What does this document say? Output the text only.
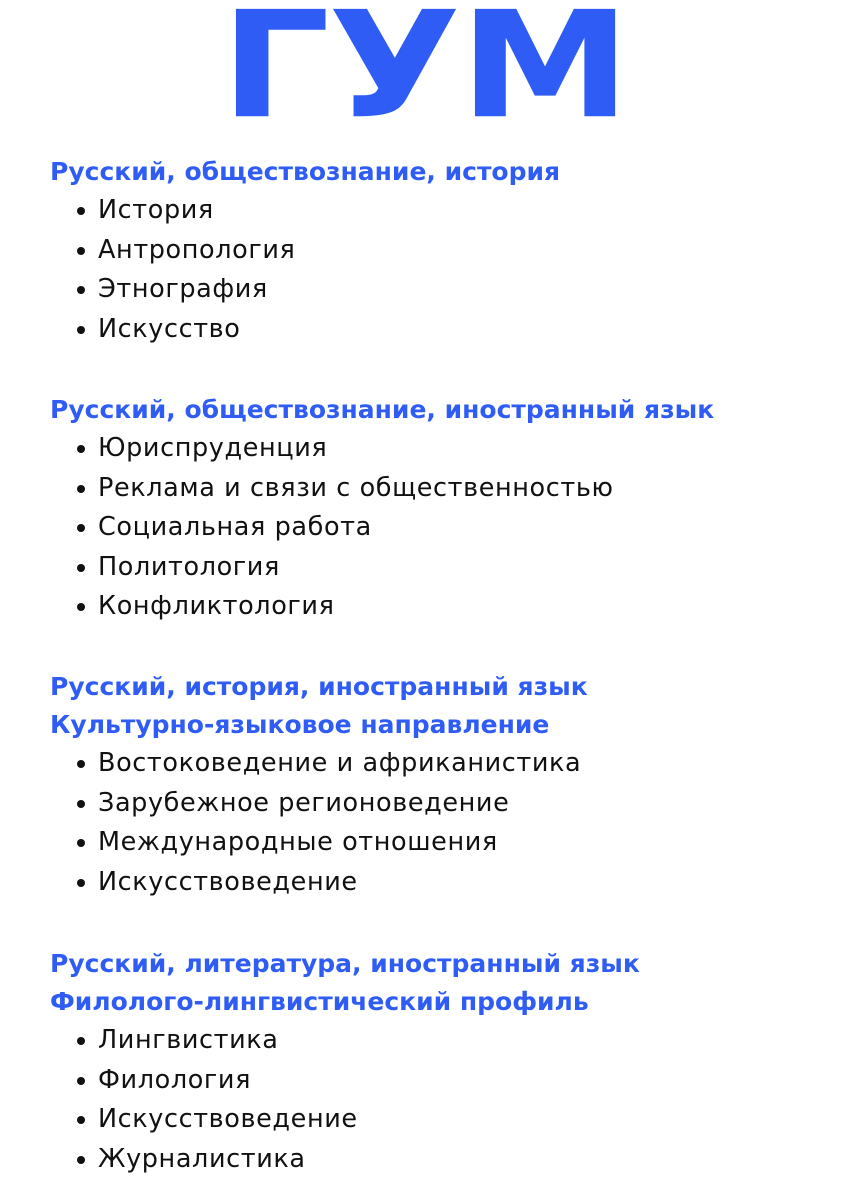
ГУМ
Русский, обществознание, история
История
Антропология
Этнография
Искусство
Русский, обществознание, иностранный язык
Юриспруденция
Реклама и связи с общественностью
Социальная работа
Политология
Конфликтология
Русский, история, иностранный язык
Культурно-языковое направление
Востоковедение и африканистика
Зарубежное регионоведение
Международные отношения
Искусствоведение
Русский, литература, иностранный язык
Филолого-лингвистический профиль
Лингвистика
Филология
Искусствоведение
Журналистика
